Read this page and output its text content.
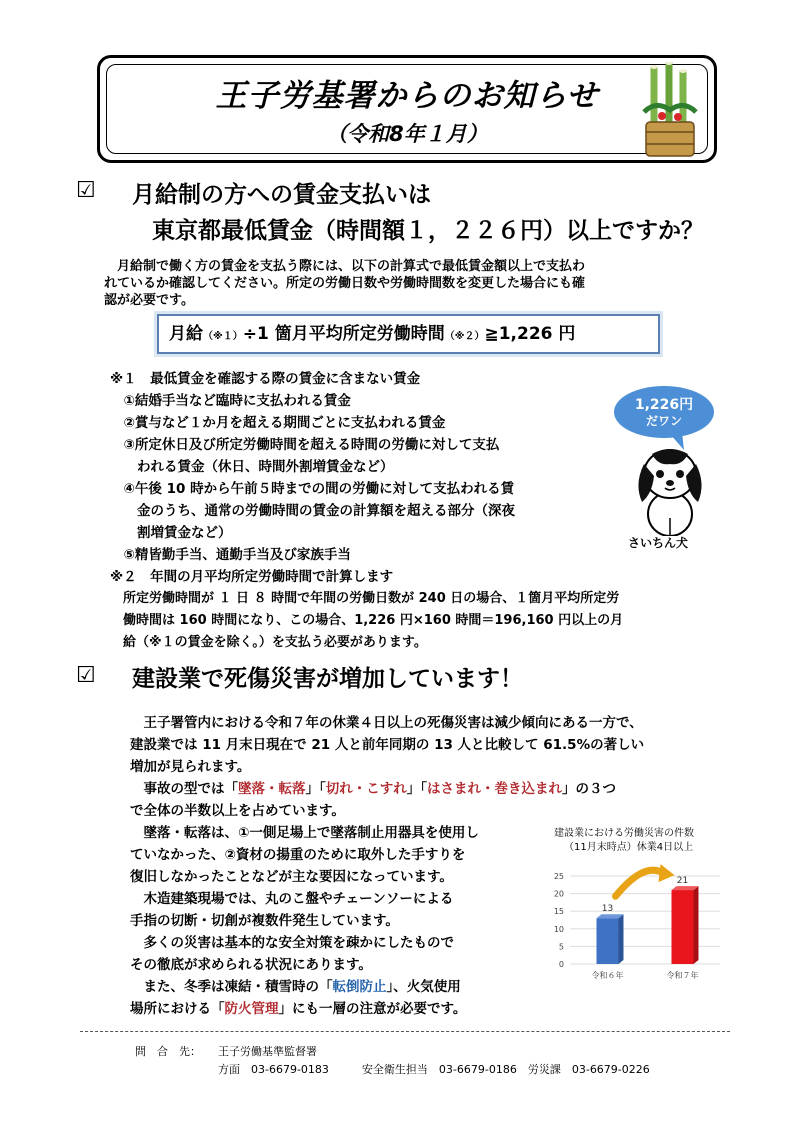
王子労基署からのお知らせ
（令和8年１月）
☑ 月給制の方への賃金支払いは
東京都最低賃金（時間額１，２２６円）以上ですか？
　月給制で働く方の賃金を支払う際には、以下の計算式で最低賃金額以上で支払わ
れているか確認してください。所定の労働日数や労働時間数を変更した場合にも確
認が必要です。
月給（※１）÷1 箇月平均所定労働時間（※２）≧1,226 円
※１　最低賃金を確認する際の賃金に含まない賃金
　①結婚手当など臨時に支払われる賃金
　②賞与など１か月を超える期間ごとに支払われる賃金
　③所定休日及び所定労働時間を超える時間の労働に対して支払
　　われる賃金（休日、時間外割増賃金など）
　④午後 10 時から午前５時までの間の労働に対して支払われる賃
　　金のうち、通常の労働時間の賃金の計算額を超える部分（深夜
　　割増賃金など）
　⑤精皆勤手当、通勤手当及び家族手当
※２　年間の月平均所定労働時間で計算します
　所定労働時間が １ 日 ８ 時間で年間の労働日数が 240 日の場合、１箇月平均所定労
　働時間は 160 時間になり、この場合、1,226 円×160 時間＝196,160 円以上の月
　給（※１の賃金を除く。）を支払う必要があります。
1,226円
だワン
さいちん犬
☑ 建設業で死傷災害が増加しています！
　王子署管内における令和７年の休業４日以上の死傷災害は減少傾向にある一方で、
建設業では 11 月末日現在で 21 人と前年同期の 13 人と比較して 61.5%の著しい
増加が見られます。
　事故の型では「墜落・転落」「切れ・こすれ」「はさまれ・巻き込まれ」の３つ
で全体の半数以上を占めています。
　墜落・転落は、①一側足場上で墜落制止用器具を使用し
ていなかった、②資材の揚重のために取外した手すりを
復旧しなかったことなどが主な要因になっています。
　木造建築現場では、丸のこ盤やチェーンソーによる
手指の切断・切創が複数件発生しています。
　多くの災害は基本的な安全対策を疎かにしたもので
その徹底が求められる状況にあります。
　また、冬季は凍結・積雪時の「転倒防止」、火気使用
場所における「防火管理」にも一層の注意が必要です。
建設業における労働災害の件数
（11月末時点）休業4日以上
0
5
10
15
20
25
13
令和６年
21
令和７年
問　合　先： 王子労働基準監督署
方面　03-6679-0183　　　安全衛生担当　03-6679-0186　労災課　03-6679-0226
